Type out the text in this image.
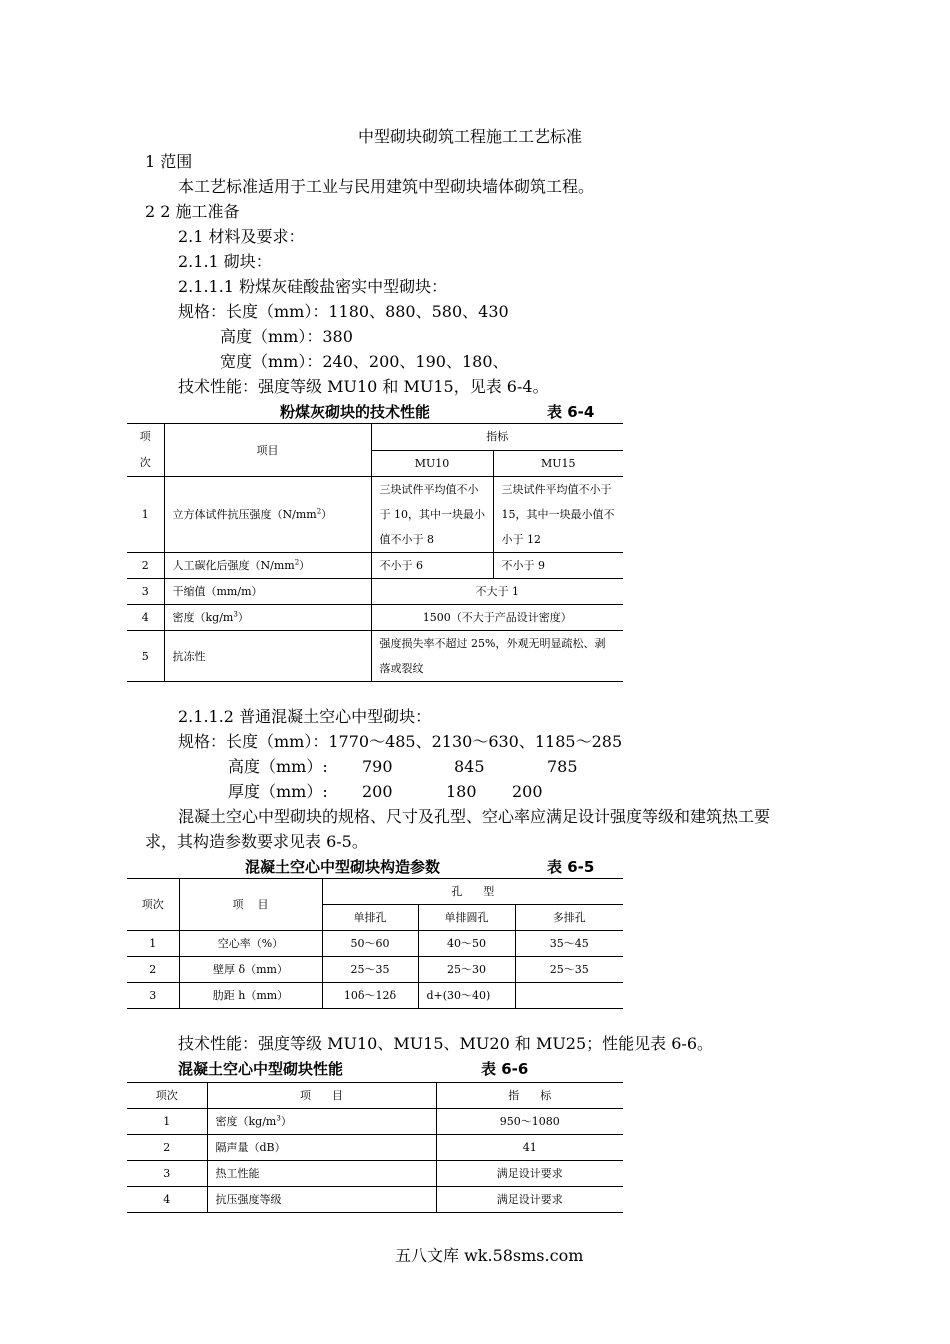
中型砌块砌筑工程施工工艺标准
1 范围
本工艺标准适用于工业与民用建筑中型砌块墙体砌筑工程。
2 2 施工准备
2.1 材料及要求：
2.1.1 砌块：
2.1.1.1 粉煤灰硅酸盐密实中型砌块：
规格：长度（mm）：1180、880、580、430
高度（mm）：380
宽度（mm）：240、200、190、180、
技术性能：强度等级 MU10 和 MU15，见表 6-4。
粉煤灰砌块的技术性能	表 6-4
项次	项目	指标	
		MU10	MU15
1	立方体试件抗压强度$(N/mm^2)$	三块试件平均值不小于 10，其中一块最小值不小于 8	三块试件平均值不小于 15，其中一块最小值不小于 12
2	人工碳化后强度$(N/mm^2)$	不小于 6	不小于 9
3	干缩值（mm/m）	不大于 1	
4	密度$(kg/m^3)$	1500（不大于产品设计密度）	
5	抗冻性	强度损失率不超过 25%，外观无明显疏松、剥落或裂纹	
2.1.1.2 普通混凝土空心中型砌块：
规格：长度（mm）：1770～485、2130～630、1185～285
高度（mm）: 790	845	785
厚度（mm）: 200	180 200
混凝土空心中型砌块的规格、尺寸及孔型、空心率应满足设计强度等级和建筑热工要
求，其构造参数要求见表 6-5。
混凝土空心中型砌块构造参数	表 6-5
项次	项    目	孔      型		
		单排孔	单排圆孔	多排孔
1	空心率（%）	50～60	40～50	35～45
2	壁厚 δ（mm）	25～35	25～30	25～35
3	肋距 h（mm）	10δ～12δ	d+(30～40)	
技术性能：强度等级 MU10、MU15、MU20 和 MU25；性能见表 6-6。
混凝土空心中型砌块性能	表 6-6
项次	项      目	指      标
1	密度$(kg/m^3)$	950～1080
2	隔声量（dB）	41
3	热工性能	满足设计要求
4	抗压强度等级	满足设计要求
五八文库 wk.58sms.com
